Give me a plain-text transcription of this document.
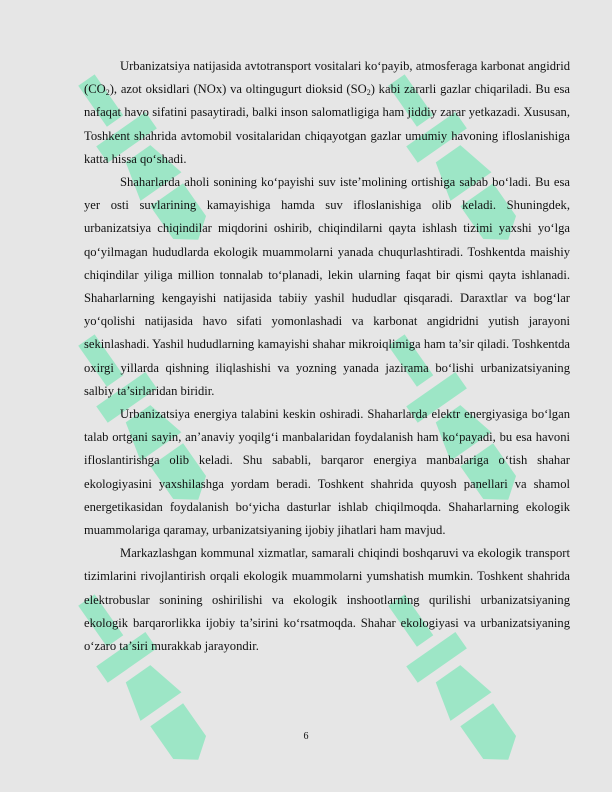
Urbanizatsiya natijasida avtotransport vositalari ko‘payib, atmosferaga karbonat angidrid $(CO_2)$, azot oksidlari (NOx) va oltingugurt dioksid $(SO_2)$ kabi zararli gazlar chiqariladi. Bu esa nafaqat havo sifatini pasaytiradi, balki inson salomatligiga ham jiddiy zarar yetkazadi. Xususan, Toshkent shahrida avtomobil vositalaridan chiqayotgan gazlar umumiy havoning ifloslanishiga katta hissa qo‘shadi.

Shaharlarda aholi sonining ko‘payishi suv iste’molining ortishiga sabab bo‘ladi. Bu esa yer osti suvlarining kamayishiga hamda suv ifloslanishiga olib keladi. Shuningdek, urbanizatsiya chiqindilar miqdorini oshirib, chiqindilarni qayta ishlash tizimi yaxshi yo‘lga qo‘yilmagan hududlarda ekologik muammolarni yanada chuqurlashtiradi. Toshkentda maishiy chiqindilar yiliga million tonnalab to‘planadi, lekin ularning faqat bir qismi qayta ishlanadi. Shaharlarning kengayishi natijasida tabiiy yashil hududlar qisqaradi. Daraxtlar va bog‘lar yo‘qolishi natijasida havo sifati yomonlashadi va karbonat angidridni yutish jarayoni sekinlashadi. Yashil hududlarning kamayishi shahar mikroiqlimiga ham ta’sir qiladi. Toshkentda oxirgi yillarda qishning iliqlashishi va yozning yanada jazirama bo‘lishi urbanizatsiyaning salbiy ta’sirlaridan biridir.

Urbanizatsiya energiya talabini keskin oshiradi. Shaharlarda elektr energiyasiga bo‘lgan talab ortgani sayin, an’anaviy yoqilg‘i manbalaridan foydalanish ham ko‘payadi, bu esa havoni ifloslantirishga olib keladi. Shu sababli, barqaror energiya manbalariga o‘tish shahar ekologiyasini yaxshilashga yordam beradi. Toshkent shahrida quyosh panellari va shamol energetikasidan foydalanish bo‘yicha dasturlar ishlab chiqilmoqda. Shaharlarning ekologik muammolariga qaramay, urbanizatsiyaning ijobiy jihatlari ham mavjud.

Markazlashgan kommunal xizmatlar, samarali chiqindi boshqaruvi va ekologik transport tizimlarini rivojlantirish orqali ekologik muammolarni yumshatish mumkin. Toshkent shahrida elektrobuslar sonining oshirilishi va ekologik inshootlarning qurilishi urbanizatsiyaning ekologik barqarorlikka ijobiy ta’sirini ko‘rsatmoqda. Shahar ekologiyasi va urbanizatsiyaning o‘zaro ta’siri murakkab jarayondir.

6
